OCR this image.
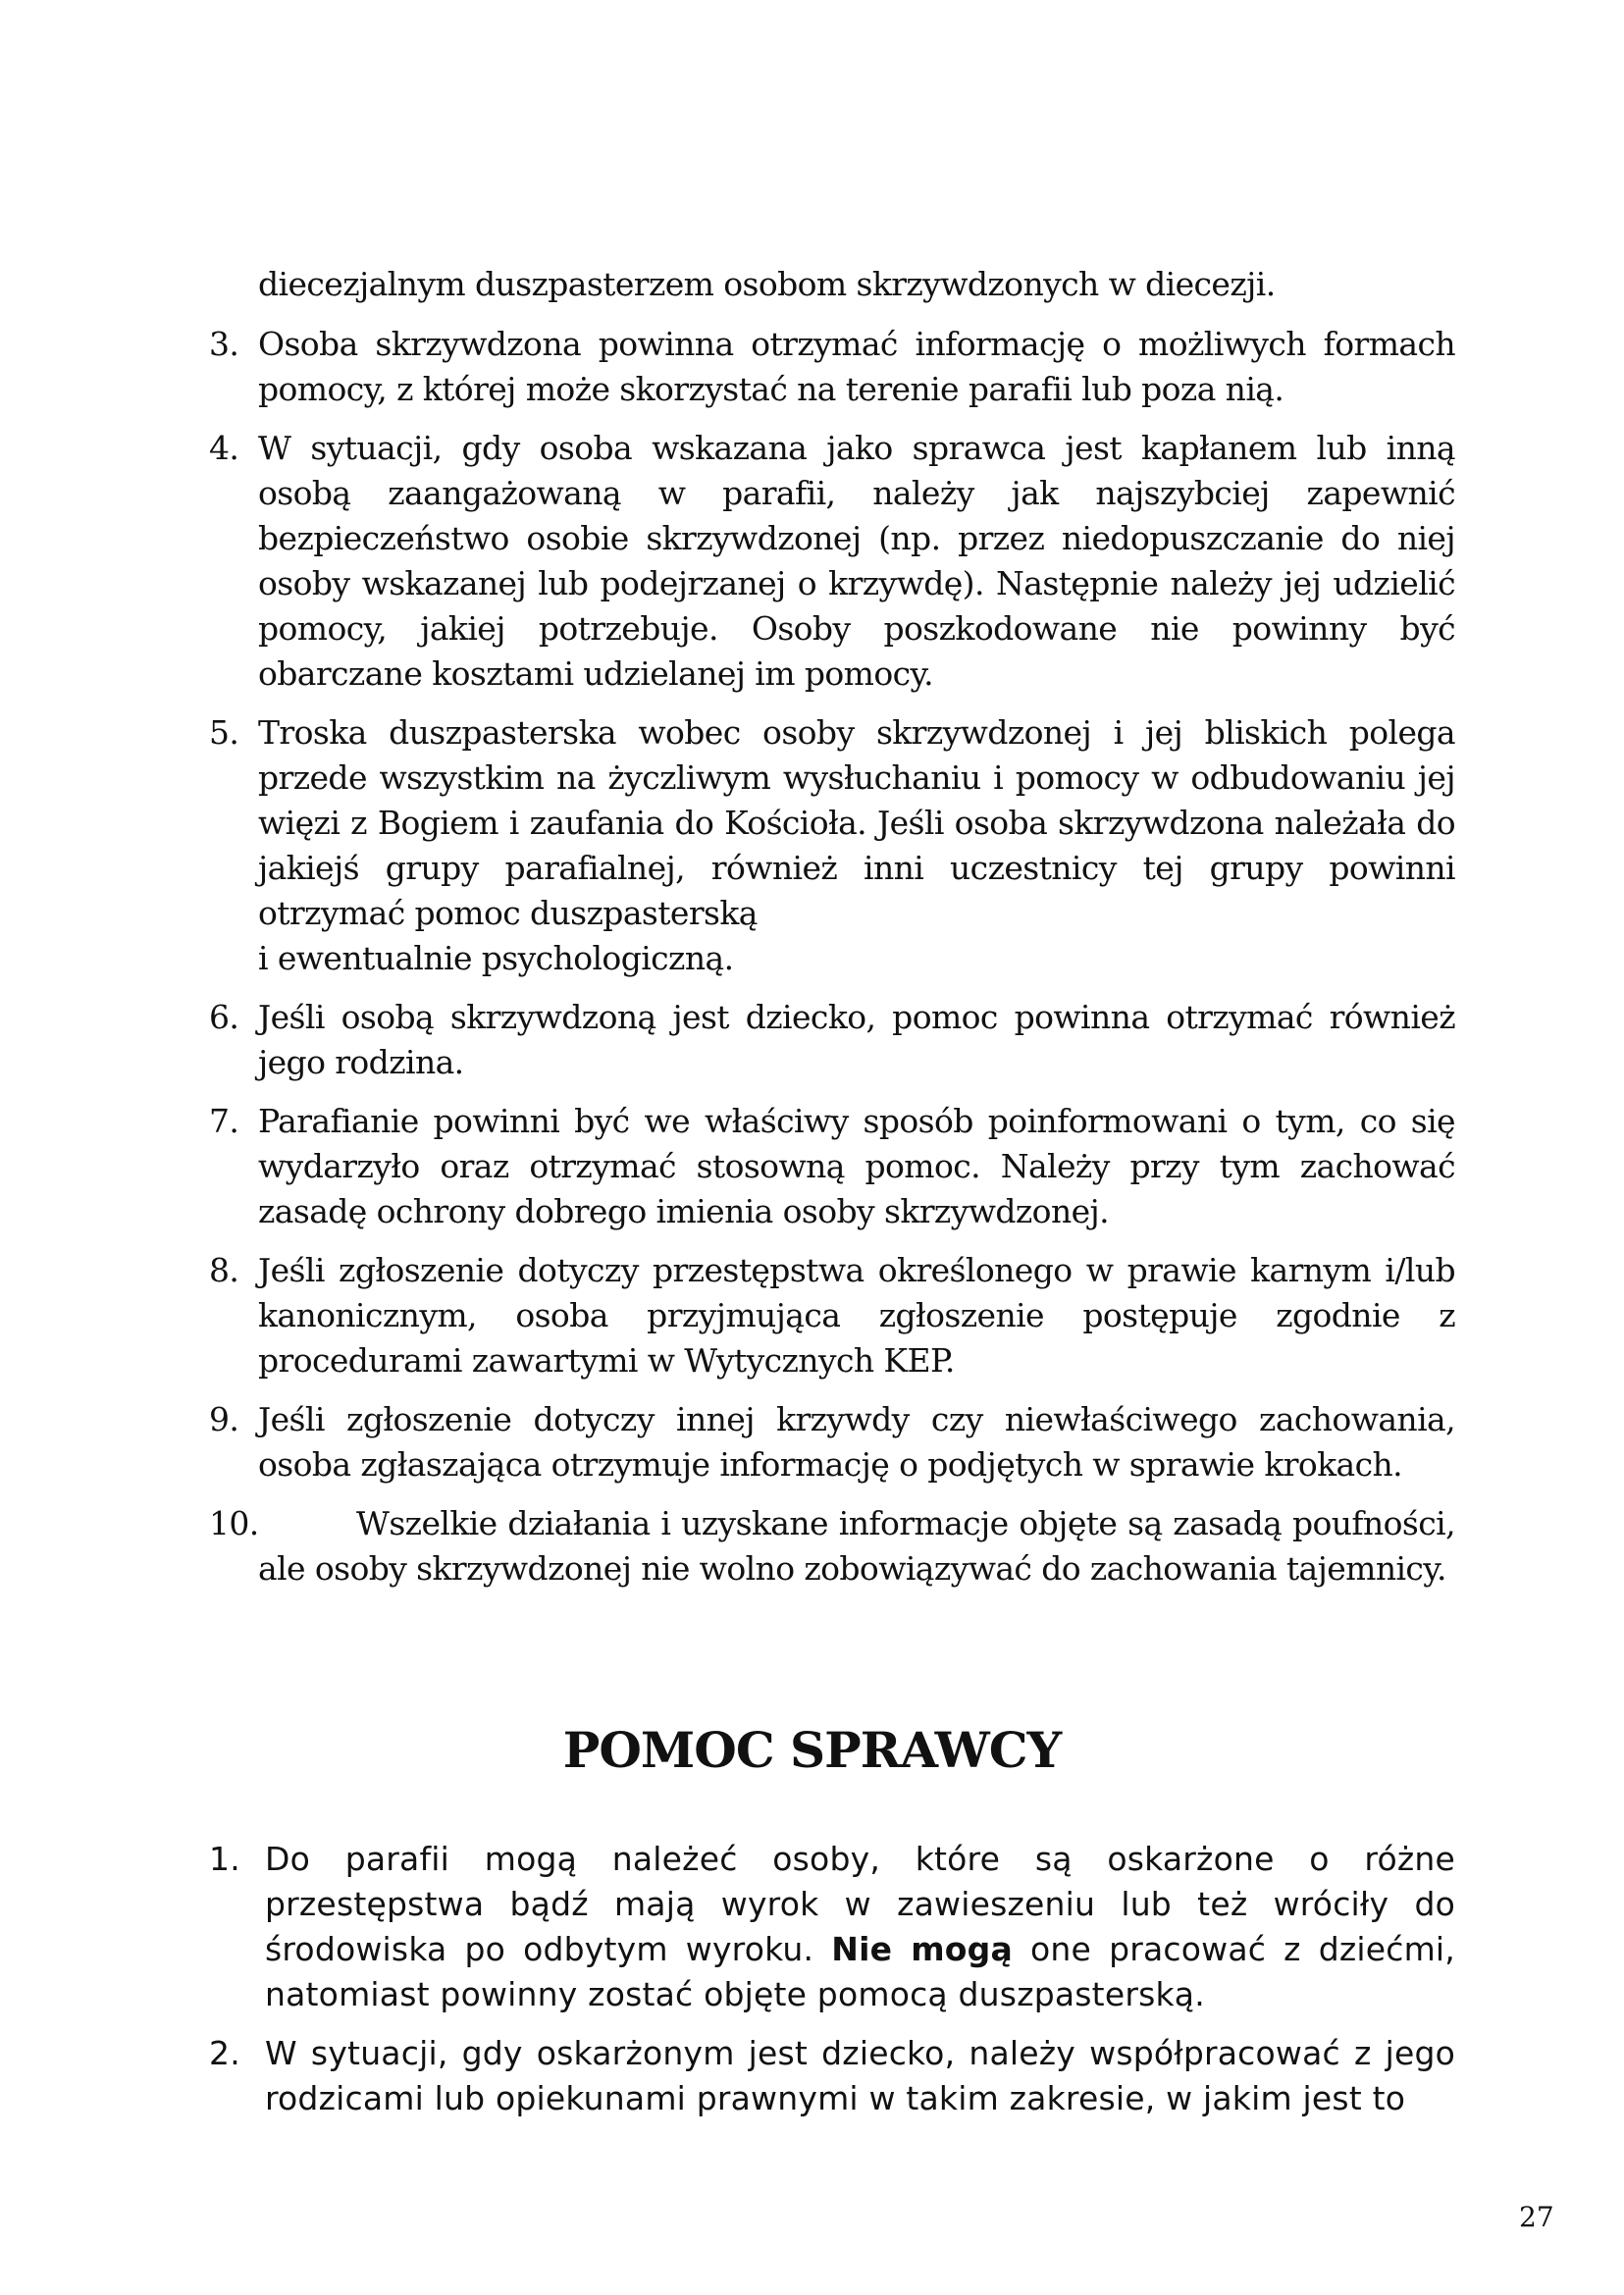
diecezjalnym duszpasterzem osobom skrzywdzonych w diecezji.
3. Osoba skrzywdzona powinna otrzymać informację o możliwych formach pomocy, z której może skorzystać na terenie parafii lub poza nią.
4. W sytuacji, gdy osoba wskazana jako sprawca jest kapłanem lub inną osobą zaangażowaną w parafii, należy jak najszybciej zapewnić bezpieczeństwo osobie skrzywdzonej (np. przez niedopuszczanie do niej osoby wskazanej lub podejrzanej o krzywdę). Następnie należy jej udzielić pomocy, jakiej potrzebuje. Osoby poszkodowane nie powinny być obarczane kosztami udzielanej im pomocy.
5. Troska duszpasterska wobec osoby skrzywdzonej i jej bliskich polega przede wszystkim na życzliwym wysłuchaniu i pomocy w odbudowaniu jej więzi z Bogiem i zaufania do Kościoła. Jeśli osoba skrzywdzona należała do jakiejś grupy parafialnej, również inni uczestnicy tej grupy powinni otrzymać pomoc duszpasterską
i ewentualnie psychologiczną.
6. Jeśli osobą skrzywdzoną jest dziecko, pomoc powinna otrzymać również jego rodzina.
7. Parafianie powinni być we właściwy sposób poinformowani o tym, co się wydarzyło oraz otrzymać stosowną pomoc. Należy przy tym zachować zasadę ochrony dobrego imienia osoby skrzywdzonej.
8. Jeśli zgłoszenie dotyczy przestępstwa określonego w prawie karnym i/lub kanonicznym, osoba przyjmująca zgłoszenie postępuje zgodnie z procedurami zawartymi w Wytycznych KEP.
9. Jeśli zgłoszenie dotyczy innej krzywdy czy niewłaściwego zachowania, osoba zgłaszająca otrzymuje informację o podjętych w sprawie krokach.
10.	Wszelkie działania i uzyskane informacje objęte są zasadą poufności, ale osoby skrzywdzonej nie wolno zobowiązywać do zachowania tajemnicy.
POMOC SPRAWCY
1. Do parafii mogą należeć osoby, które są oskarżone o różne przestępstwa bądź mają wyrok w zawieszeniu lub też wróciły do środowiska po odbytym wyroku. Nie mogą one pracować z dziećmi, natomiast powinny zostać objęte pomocą duszpasterską.
2. W sytuacji, gdy oskarżonym jest dziecko, należy współpracować z jego rodzicami lub opiekunami prawnymi w takim zakresie, w jakim jest to
27
